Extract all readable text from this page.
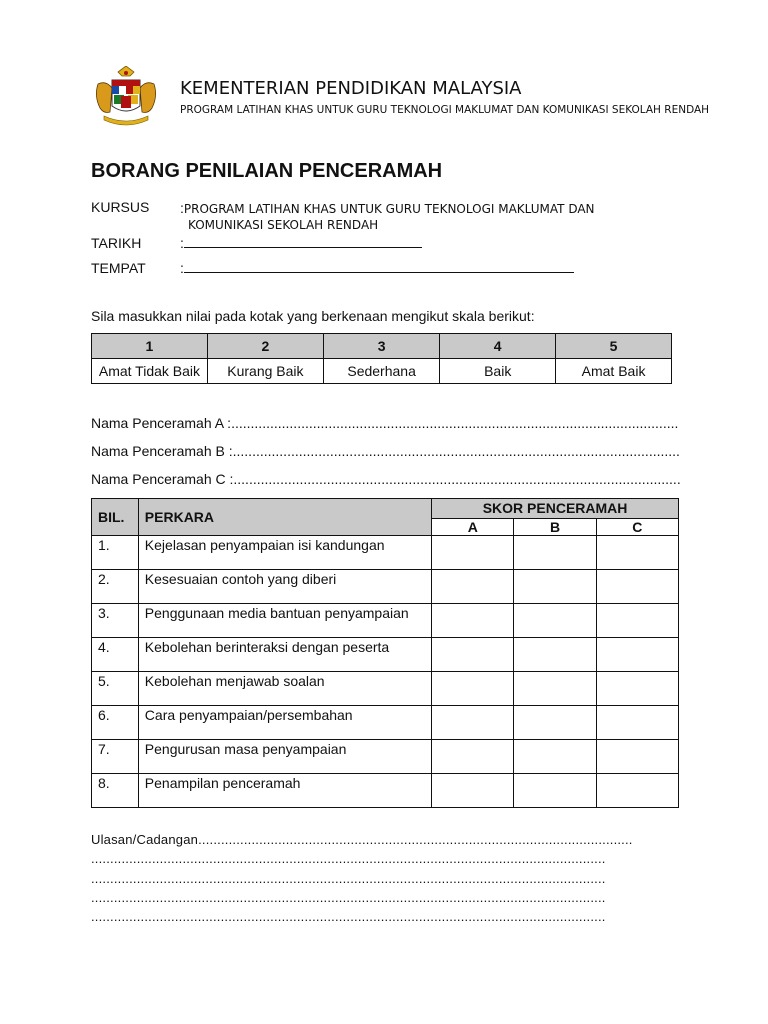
KEMENTERIAN PENDIDIKAN MALAYSIA
PROGRAM LATIHAN KHAS UNTUK GURU TEKNOLOGI MAKLUMAT DAN KOMUNIKASI SEKOLAH RENDAH
BORANG PENILAIAN PENCERAMAH
KURSUS :PROGRAM LATIHAN KHAS UNTUK GURU TEKNOLOGI MAKLUMAT DAN
KOMUNIKASI SEKOLAH RENDAH
TARIKH	:
TEMPAT :
Sila masukkan nilai pada kotak yang berkenaan mengikut skala berikut:
1	2	3	4	5
Amat Tidak Baik	Kurang Baik	Sederhana	Baik	Amat Baik
Nama Penceramah A :...................................................................................................................
Nama Penceramah B :...................................................................................................................
Nama Penceramah C :...................................................................................................................
BIL.	PERKARA	SKOR PENCERAMAH		
		A	B	C
1.	Kejelasan penyampaian isi kandungan			
2.	Kesesuaian contoh yang diberi			
3.	Penggunaan media bantuan penyampaian			
4.	Kebolehan berinteraksi dengan peserta			
5.	Kebolehan menjawab soalan			
6.	Cara penyampaian/persembahan			
7.	Pengurusan masa penyampaian			
8.	Penampilan penceramah			
Ulasan/Cadangan..................................................................................................................
.......................................................................................................................................
.......................................................................................................................................
.......................................................................................................................................
.......................................................................................................................................
